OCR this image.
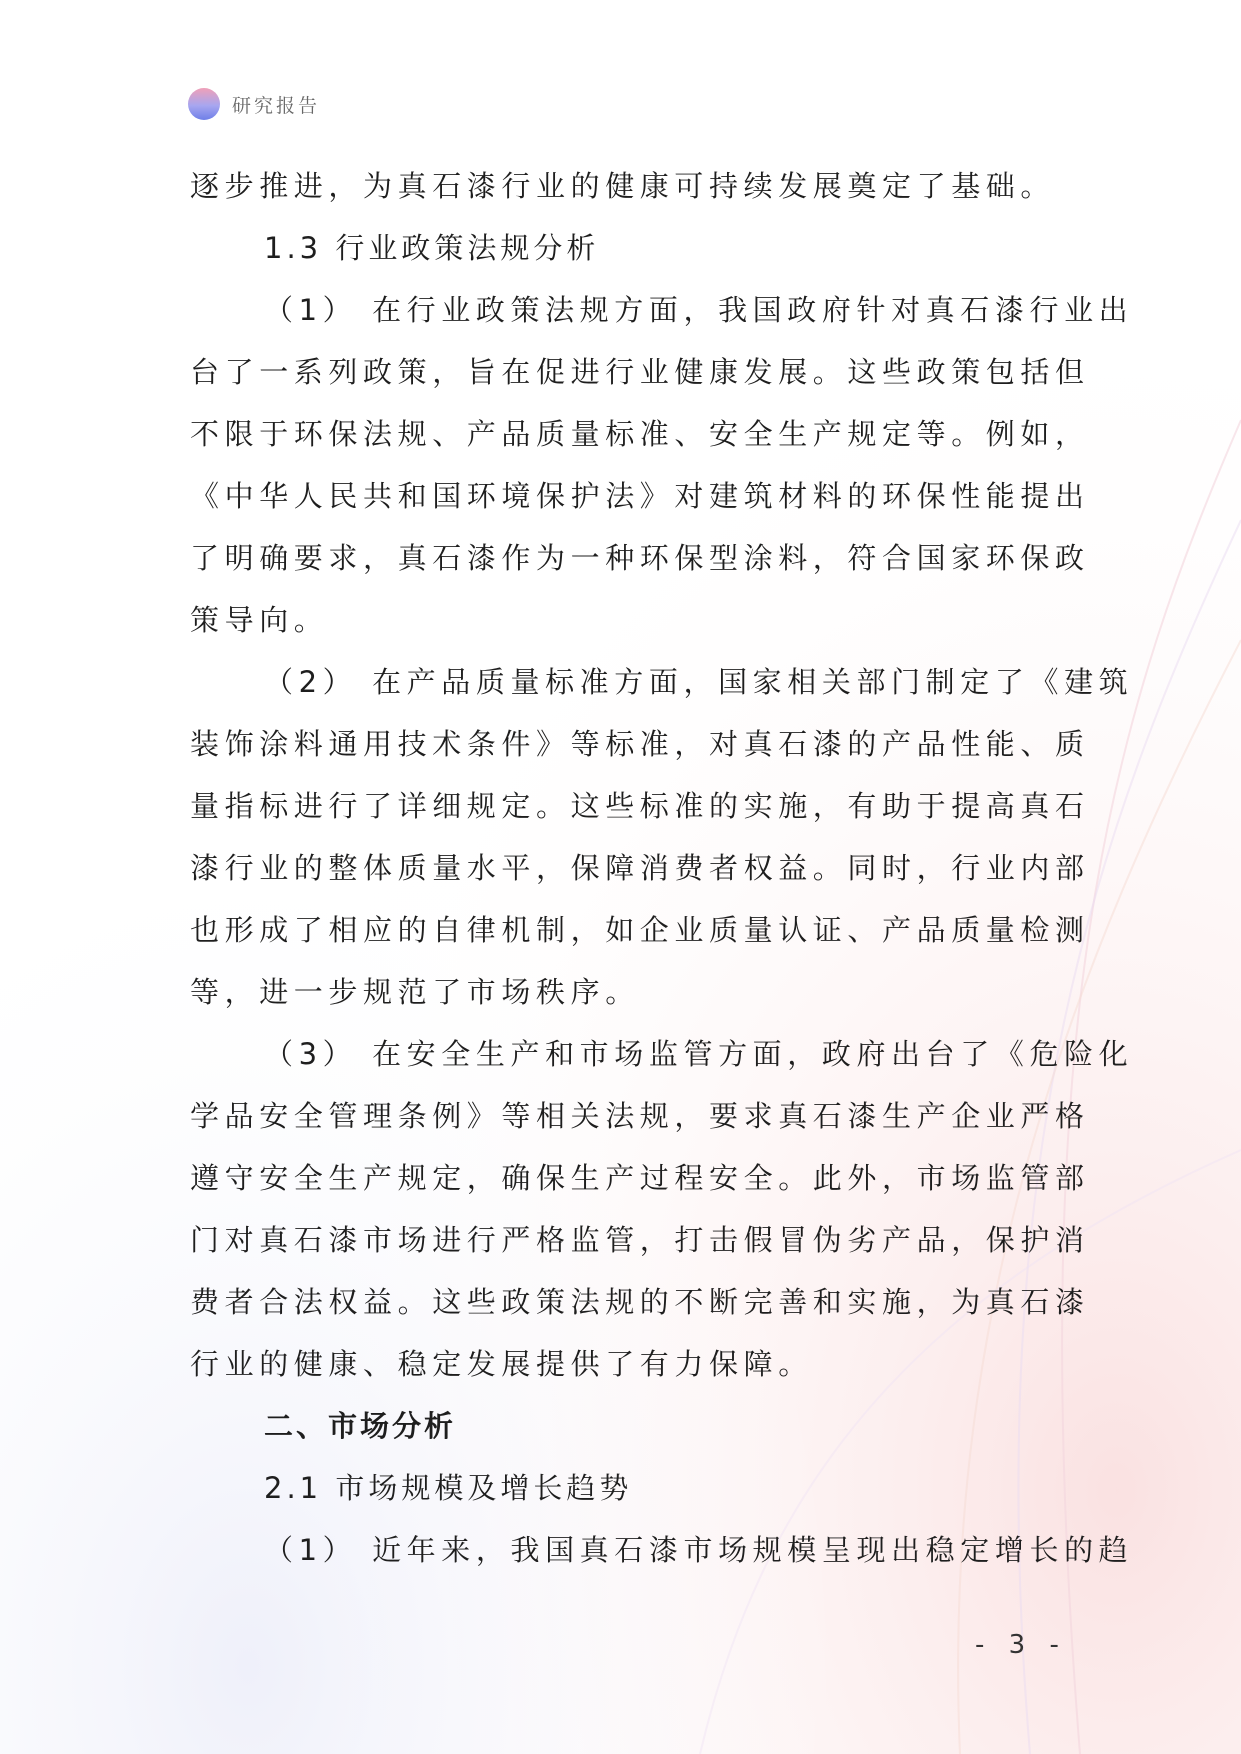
研究报告
逐步推进，为真石漆行业的健康可持续发展奠定了基础。
1.3 行业政策法规分析
（1） 在行业政策法规方面，我国政府针对真石漆行业出
台了一系列政策，旨在促进行业健康发展。这些政策包括但
不限于环保法规、产品质量标准、安全生产规定等。例如，
《中华人民共和国环境保护法》对建筑材料的环保性能提出
了明确要求，真石漆作为一种环保型涂料，符合国家环保政
策导向。
（2） 在产品质量标准方面，国家相关部门制定了《建筑
装饰涂料通用技术条件》等标准，对真石漆的产品性能、质
量指标进行了详细规定。这些标准的实施，有助于提高真石
漆行业的整体质量水平，保障消费者权益。同时，行业内部
也形成了相应的自律机制，如企业质量认证、产品质量检测
等，进一步规范了市场秩序。
（3） 在安全生产和市场监管方面，政府出台了《危险化
学品安全管理条例》等相关法规，要求真石漆生产企业严格
遵守安全生产规定，确保生产过程安全。此外，市场监管部
门对真石漆市场进行严格监管，打击假冒伪劣产品，保护消
费者合法权益。这些政策法规的不断完善和实施，为真石漆
行业的健康、稳定发展提供了有力保障。
二、市场分析
2.1 市场规模及增长趋势
（1） 近年来，我国真石漆市场规模呈现出稳定增长的趋
- 3 -
